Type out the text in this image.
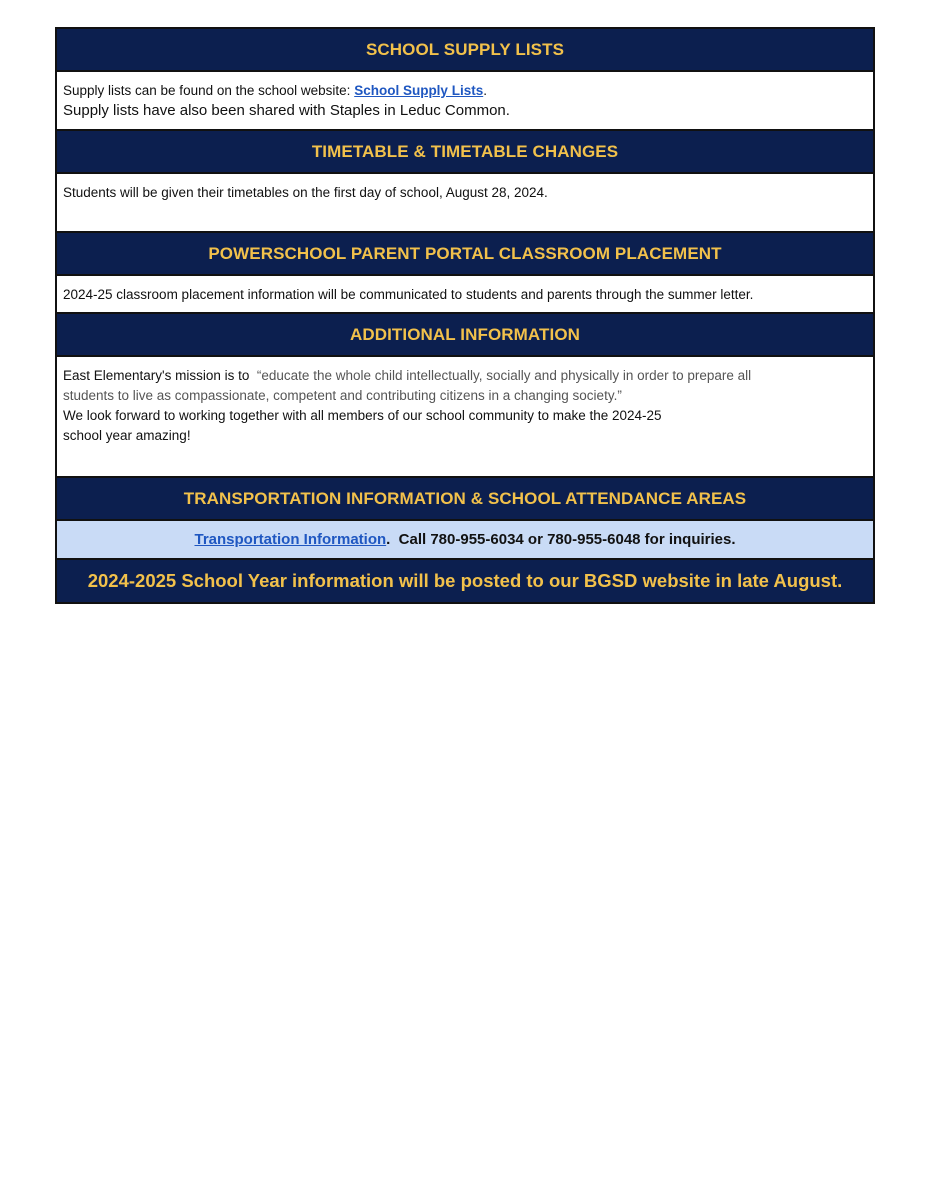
SCHOOL SUPPLY LISTS
Supply lists can be found on the school website: School Supply Lists.
Supply lists have also been shared with Staples in Leduc Common.
TIMETABLE & TIMETABLE CHANGES
Students will be given their timetables on the first day of school, August 28, 2024.
POWERSCHOOL PARENT PORTAL CLASSROOM PLACEMENT
2024-25 classroom placement information will be communicated to students and parents through the summer letter.
ADDITIONAL INFORMATION
East Elementary's mission is to  “educate the whole child intellectually, socially and physically in order to prepare all
students to live as compassionate, competent and contributing citizens in a changing society.”
We look forward to working together with all members of our school community to make the 2024-25
school year amazing!
TRANSPORTATION INFORMATION & SCHOOL ATTENDANCE AREAS
Transportation Information .  Call 780-955-6034 or 780-955-6048 for inquiries.
2024-2025 School Year information will be posted to our BGSD website in late August.
